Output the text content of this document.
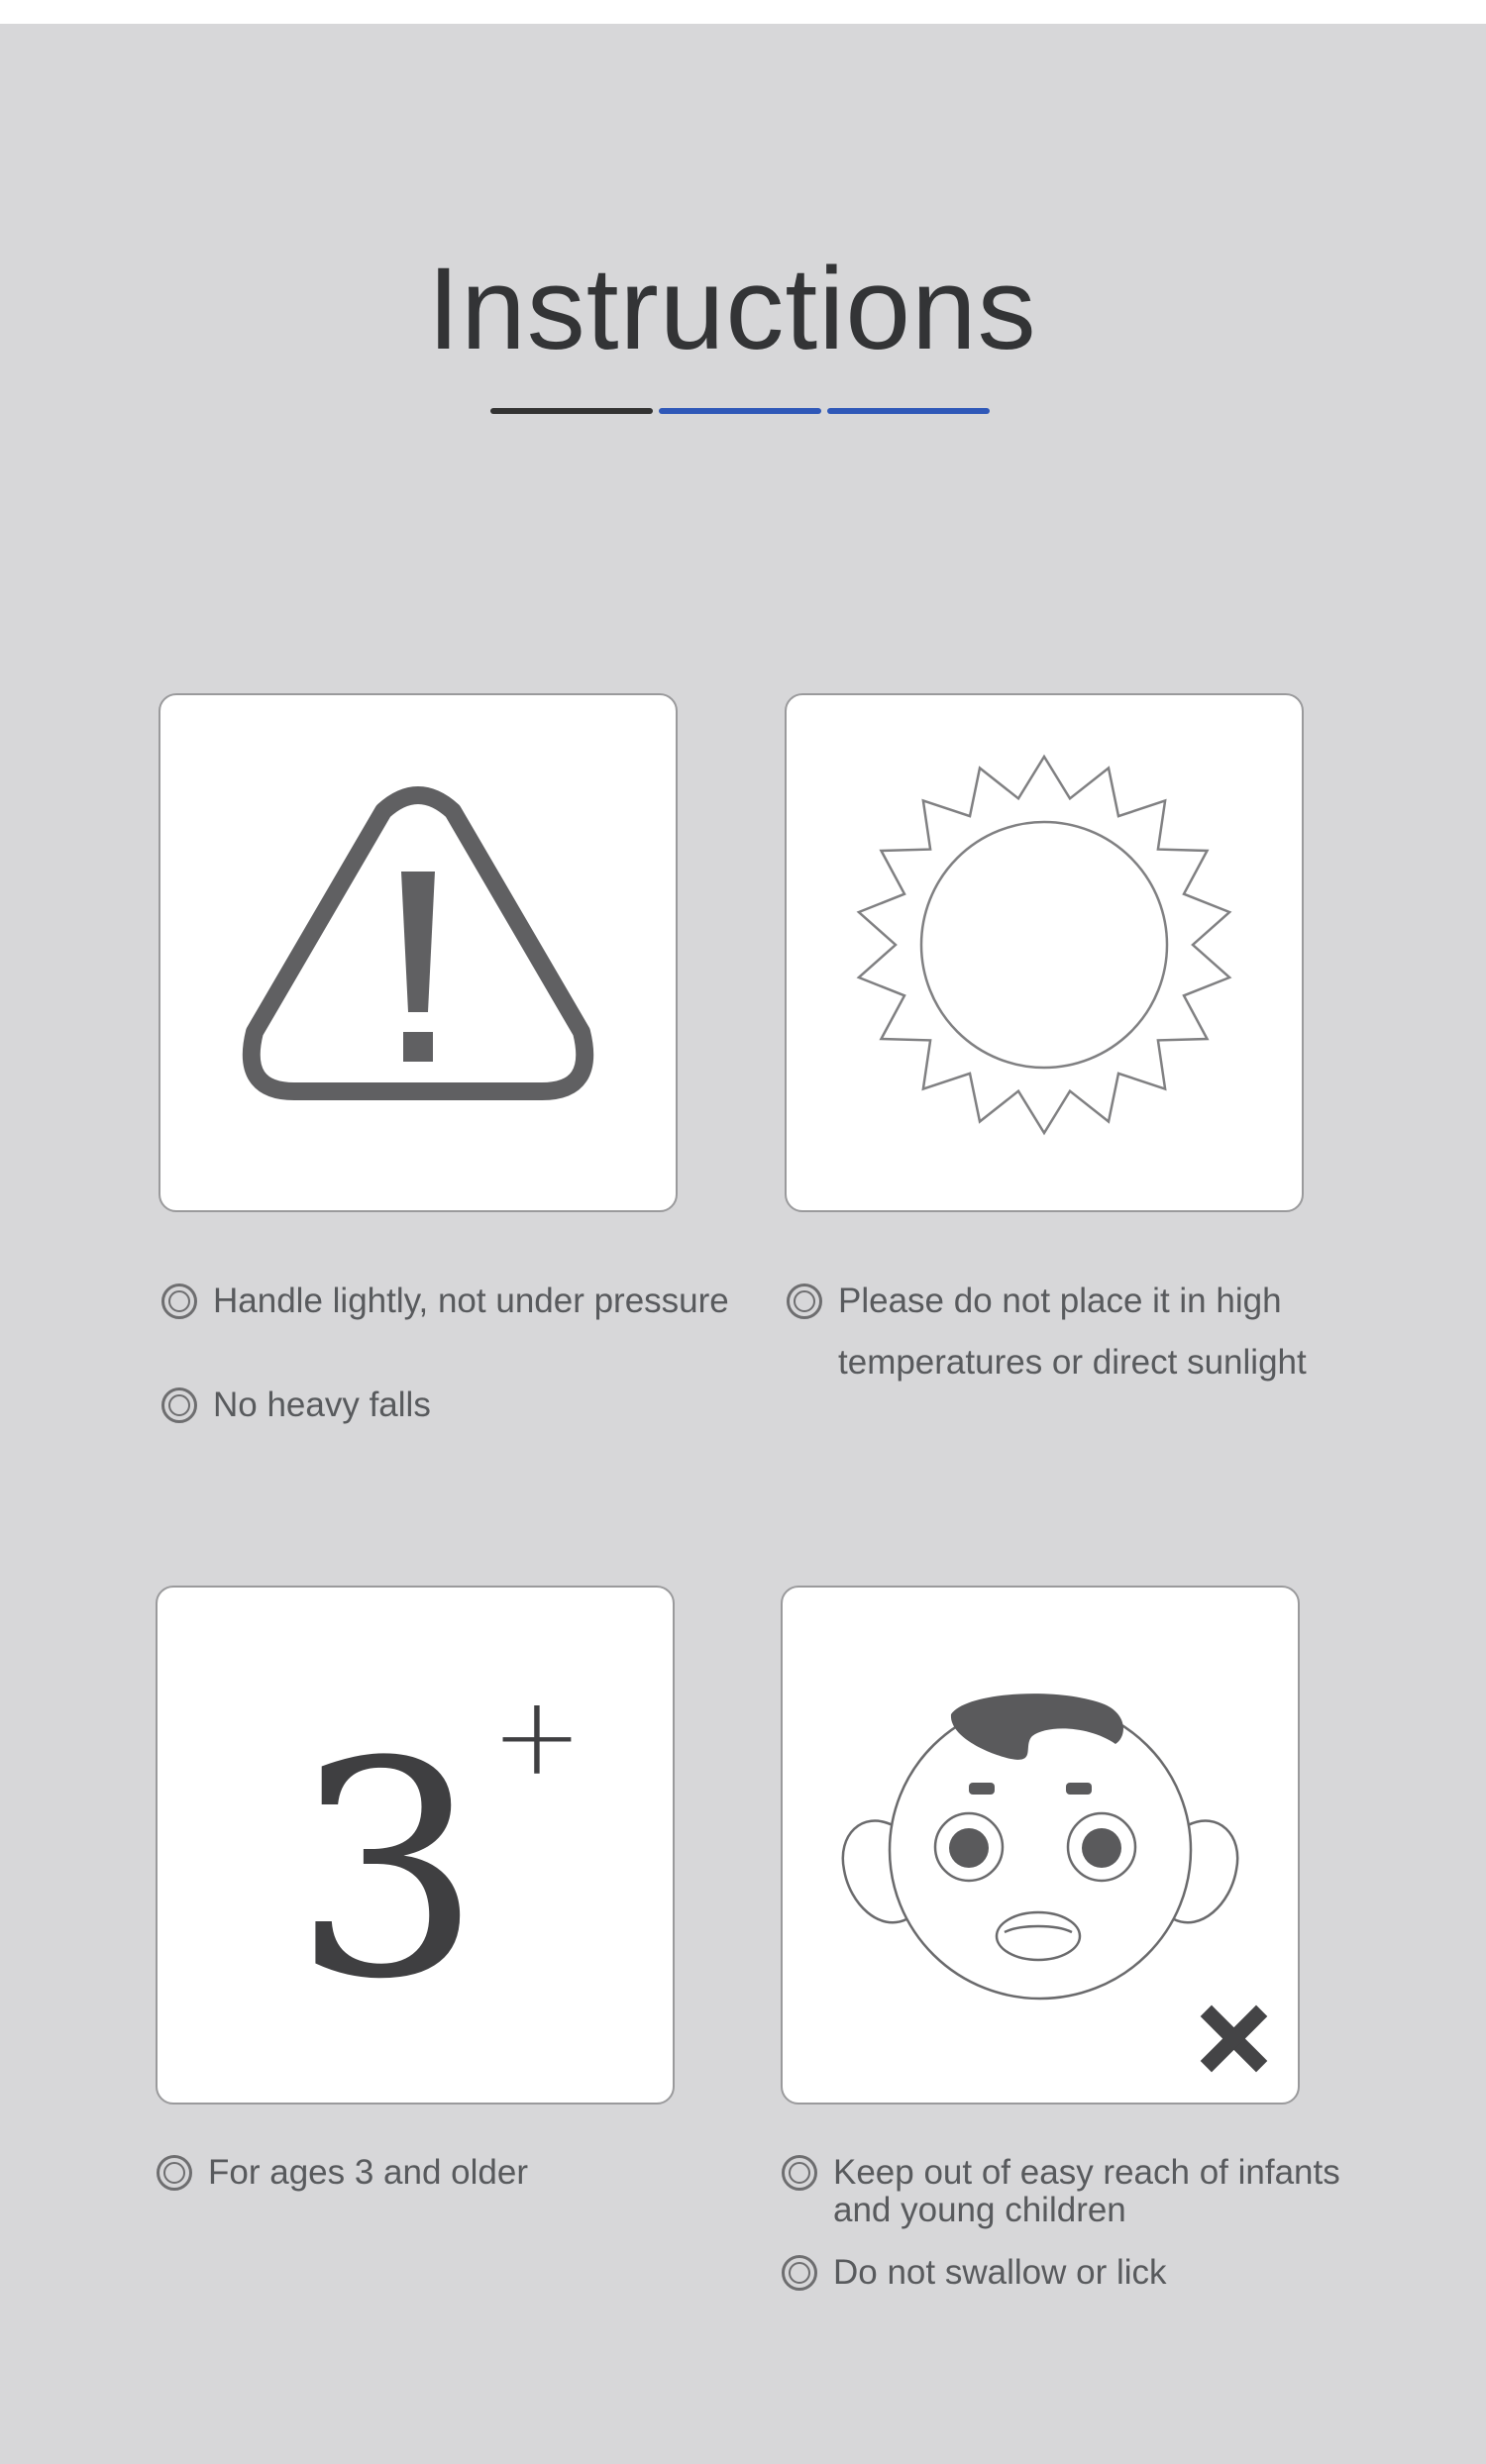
Instructions
3 +
Handle lightly, not under pressure
No heavy falls
Please do not place it in high temperatures or direct sunlight
For ages 3 and older	Keep out of easy reach of infants and young children
Do not swallow or lick
